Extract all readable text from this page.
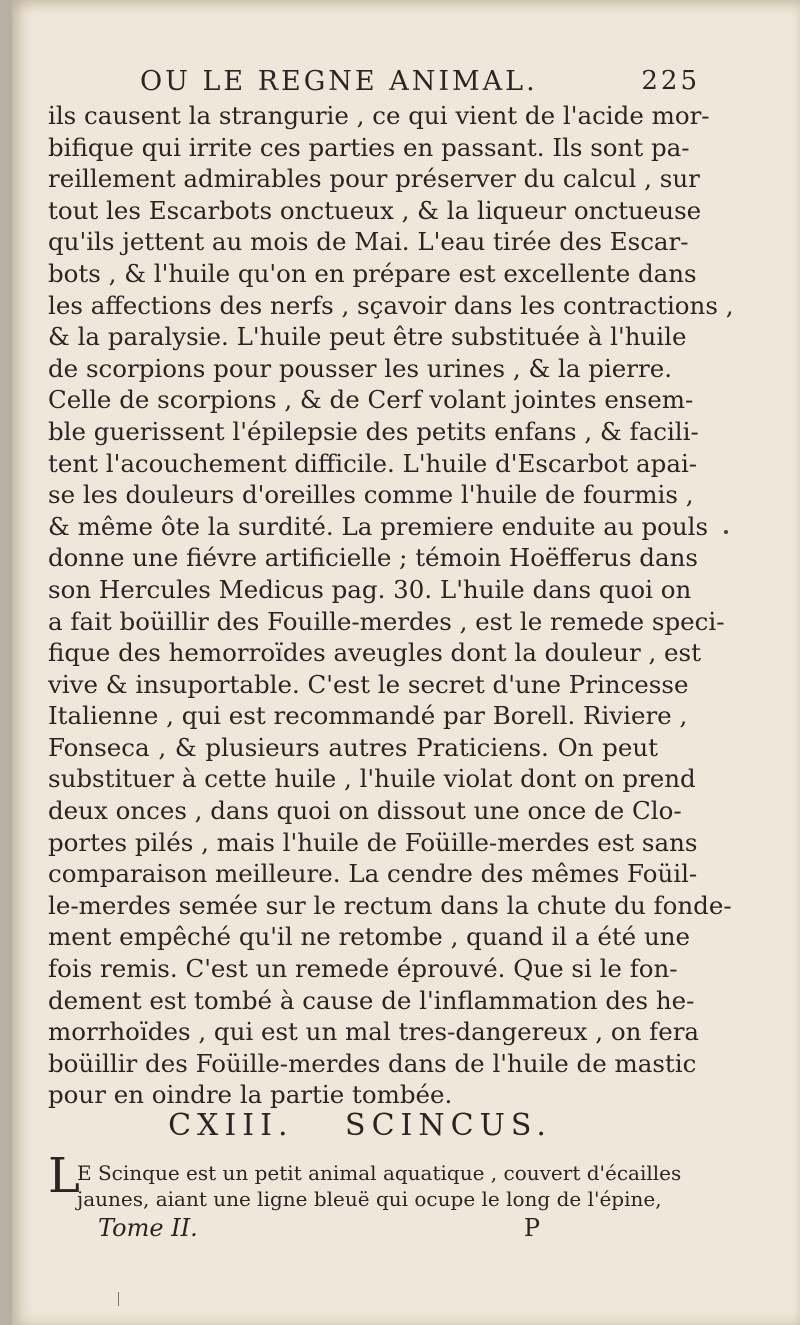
OU LE REGNE ANIMAL.	225
ils causent la strangurie , ce qui vient de l'acide mor-
bifique qui irrite ces parties en passant. Ils sont pa-
reillement admirables pour préserver du calcul , sur
tout les Escarbots onctueux , & la liqueur onctueuse
qu'ils jettent au mois de Mai. L'eau tirée des Escar-
bots , & l'huile qu'on en prépare est excellente dans
les affections des nerfs , sçavoir dans les contractions ,
& la paralysie. L'huile peut être substituée à l'huile
de scorpions pour pousser les urines , & la pierre.
Celle de scorpions , & de Cerf volant jointes ensem-
ble guerissent l'épilepsie des petits enfans , & facili-
tent l'acouchement difficile. L'huile d'Escarbot apai-
se les douleurs d'oreilles comme l'huile de fourmis ,
& même ôte la surdité. La premiere enduite au pouls
donne une fiévre artificielle ; témoin Hoëfferus dans
son Hercules Medicus pag. 30. L'huile dans quoi on
a fait boüillir des Fouille-merdes , est le remede speci-
fique des hemorroïdes aveugles dont la douleur , est
vive & insuportable. C'est le secret d'une Princesse
Italienne , qui est recommandé par Borell. Riviere ,
Fonseca , & plusieurs autres Praticiens. On peut
substituer à cette huile , l'huile violat dont on prend
deux onces , dans quoi on dissout une once de Clo-
portes pilés , mais l'huile de Foüille-merdes est sans
comparaison meilleure. La cendre des mêmes Foüil-
le-merdes semée sur le rectum dans la chute du fonde-
ment empêché qu'il ne retombe , quand il a été une
fois remis. C'est un remede éprouvé. Que si le fon-
dement est tombé à cause de l'inflammation des he-
morrhoïdes , qui est un mal tres-dangereux , on fera
boüillir des Foüille-merdes dans de l'huile de mastic
pour en oindre la partie tombée.
CXIII. SCINCUS.
L
E Scinque est un petit animal aquatique , couvert d'écailles
jaunes, aiant une ligne bleuë qui ocupe le long de l'épine,
Tome II.	P
